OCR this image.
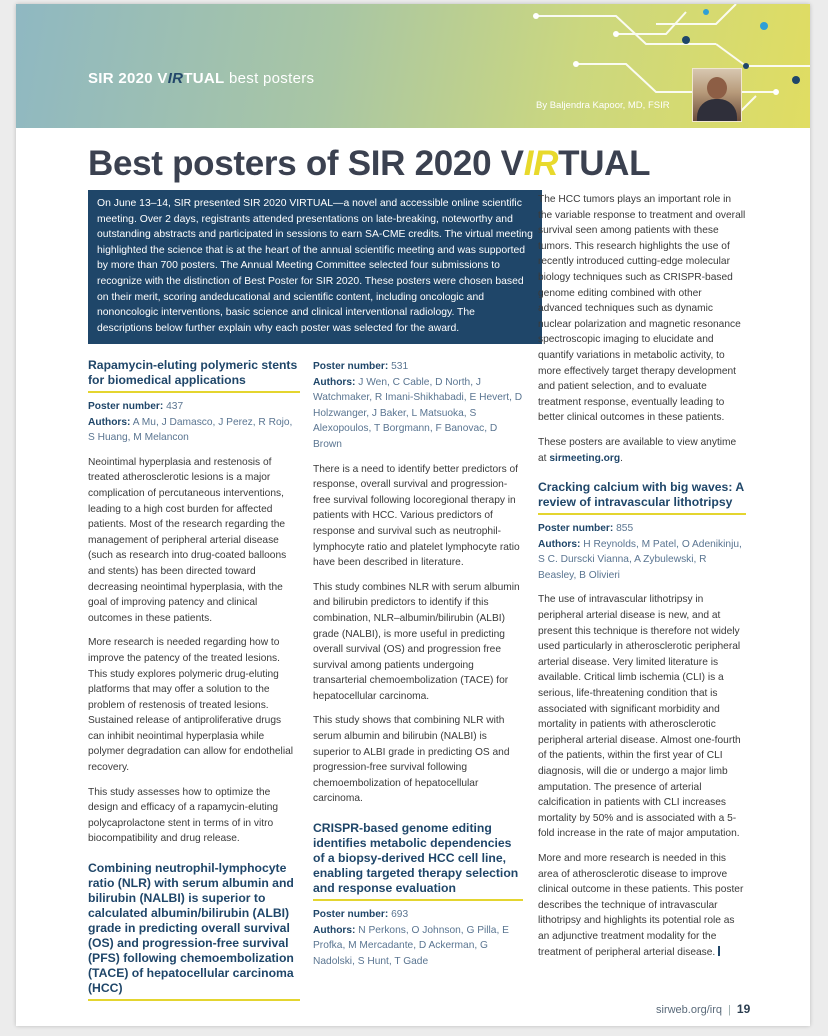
SIR 2020 VIRTUAL best posters
By Baljendra Kapoor, MD, FSIR
Best posters of SIR 2020 VIRTUAL
On June 13–14, SIR presented SIR 2020 VIRTUAL—a novel and accessible online scientific meeting. Over 2 days, registrants attended presentations on late-breaking, noteworthy and outstanding abstracts and participated in sessions to earn SA-CME credits. The virtual meeting highlighted the science that is at the heart of the annual scientific meeting and was supported by more than 700 posters. The Annual Meeting Committee selected four submissions to recognize with the distinction of Best Poster for SIR 2020. These posters were chosen based on their merit, scoring andeducational and scientific content, including oncologic and nononcologic interventions, basic science and clinical interventional radiology. The descriptions below further explain why each poster was selected for the award.
Rapamycin-eluting polymeric stents for biomedical applications
Poster number: 437
Authors: A Mu, J Damasco, J Perez, R Rojo, S Huang, M Melancon

Neointimal hyperplasia and restenosis of treated atherosclerotic lesions is a major complication of percutaneous interventions, leading to a high cost burden for affected patients. Most of the research regarding the management of peripheral arterial disease (such as research into drug-coated balloons and stents) has been directed toward decreasing neointimal hyperplasia, with the goal of improving patency and clinical outcomes in these patients.

More research is needed regarding how to improve the patency of the treated lesions. This study explores polymeric drug-eluting platforms that may offer a solution to the problem of restenosis of treated lesions. Sustained release of antiproliferative drugs can inhibit neointimal hyperplasia while polymer degradation can allow for endothelial recovery.

This study assesses how to optimize the design and efficacy of a rapamycin-eluting polycaprolactone stent in terms of in vitro biocompatibility and drug release.

Combining neutrophil-lymphocyte ratio (NLR) with serum albumin and bilirubin (NALBI) is superior to calculated albumin/bilirubin (ALBI) grade in predicting overall survival (OS) and progression-free survival (PFS) following chemoembolization (TACE) of hepatocellular carcinoma (HCC)
Poster number: 531
Authors: J Wen, C Cable, D North, J Watchmaker, R Imani-Shikhabadi, E Hevert, D Holzwanger, J Baker, L Matsuoka, S Alexopoulos, T Borgmann, F Banovac, D Brown

There is a need to identify better predictors of response, overall survival and progression-free survival following locoregional therapy in patients with HCC. Various predictors of response and survival such as neutrophil-lymphocyte ratio and platelet lymphocyte ratio have been described in literature.

This study combines NLR with serum albumin and bilirubin predictors to identify if this combination, NLR–albumin/bilirubin (ALBI) grade (NALBI), is more useful in predicting overall survival (OS) and progression free survival among patients undergoing transarterial chemoembolization (TACE) for hepatocellular carcinoma.

This study shows that combining NLR with serum albumin and bilirubin (NALBI) is superior to ALBI grade in predicting OS and progression-free survival following chemoembolization of hepatocellular carcinoma.

CRISPR-based genome editing identifies metabolic dependencies of a biopsy-derived HCC cell line, enabling targeted therapy selection and response evaluation
Poster number: 693
Authors: N Perkons, O Johnson, G Pilla, E Profka, M Mercadante, D Ackerman, G Nadolski, S Hunt, T Gade

The HCC tumors plays an important role in the variable response to treatment and overall survival seen among patients with these tumors. This research highlights the use of recently introduced cutting-edge molecular biology techniques such as CRISPR-based genome editing combined with other advanced techniques such as dynamic nuclear polarization and magnetic resonance spectroscopic imaging to elucidate and quantify variations in metabolic activity, to more effectively target therapy development and patient selection, and to evaluate treatment response, eventually leading to better clinical outcomes in these patients.

These posters are available to view anytime at sirmeeting.org.

Cracking calcium with big waves: A review of intravascular lithotripsy
Poster number: 855
Authors: H Reynolds, M Patel, O Adenikinju, S C. Durscki Vianna, A Zybulewski, R Beasley, B Olivieri

The use of intravascular lithotripsy in peripheral arterial disease is new, and at present this technique is therefore not widely used particularly in atherosclerotic peripheral arterial disease. Very limited literature is available. Critical limb ischemia (CLI) is a serious, life-threatening condition that is associated with significant morbidity and mortality in patients with atherosclerotic peripheral arterial disease. Almost one-fourth of the patients, within the first year of CLI diagnosis, will die or undergo a major limb amputation. The presence of arterial calcification in patients with CLI increases mortality by 50% and is associated with a 5-fold increase in the rate of major amputation.

More and more research is needed in this area of atherosclerotic disease to improve clinical outcome in these patients. This poster describes the technique of intravascular lithotripsy and highlights its potential role as an adjunctive treatment modality for the treatment of peripheral arterial disease.

sirweb.org/irq | 19
